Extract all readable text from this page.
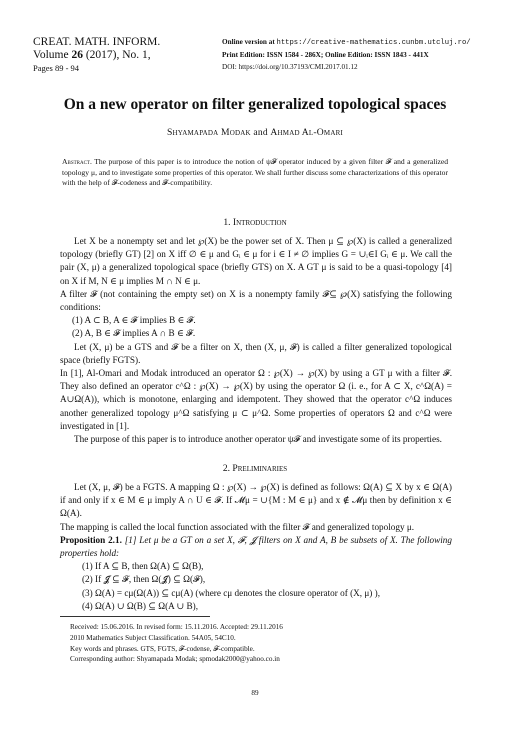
CREAT. MATH. INFORM.
Volume 26 (2017), No. 1,
Pages 89 - 94
Online version at https://creative-mathematics.cunbm.utcluj.ro/
Print Edition: ISSN 1584 - 286X; Online Edition: ISSN 1843 - 441X
DOI: https://doi.org/10.37193/CMI.2017.01.12
On a new operator on filter generalized topological spaces
Shyamapada Modak and Ahmad Al-Omari
Abstract. The purpose of this paper is to introduce the notion of ψ𝓕 operator induced by a given filter 𝓕 and a generalized topology μ, and to investigate some properties of this operator. We shall further discuss some characterizations of this operator with the help of 𝓕-codeness and 𝓕-compatibility.
1. Introduction

Let X be a nonempty set and let ℘(X) be the power set of X. Then μ ⊆ ℘(X) is called a generalized topology (briefly GT) [2] on X iff ∅ ∈ μ and Gᵢ ∈ μ for i ∈ I ≠ ∅ implies G = ∪ᵢ∈I Gᵢ ∈ μ. We call the pair (X, μ) a generalized topological space (briefly GTS) on X. A GT μ is said to be a quasi-topology [4] on X if M, N ∈ μ implies M ∩ N ∈ μ.

A filter 𝓕 (not containing the empty set) on X is a nonempty family 𝓕⊆ ℘(X) satisfying the following conditions:

(1) A ⊂ B, A ∈ 𝓕 implies B ∈ 𝓕.

(2) A, B ∈ 𝓕 implies A ∩ B ∈ 𝓕.

Let (X, μ) be a GTS and 𝓕 be a filter on X, then (X, μ, 𝓕) is called a filter generalized topological space (briefly FGTS).

In [1], Al-Omari and Modak introduced an operator Ω : ℘(X) → ℘(X) by using a GT μ with a filter 𝓕. They also defined an operator c^Ω : ℘(X) → ℘(X) by using the operator Ω (i. e., for A ⊂ X, c^Ω(A) = A∪Ω(A)), which is monotone, enlarging and idempotent. They showed that the operator c^Ω induces another generalized topology μ^Ω satisfying μ ⊂ μ^Ω. Some properties of operators Ω and c^Ω were investigated in [1].

The purpose of this paper is to introduce another operator ψ𝓕 and investigate some of its properties.

2. Preliminaries

Let (X, μ, 𝓕) be a FGTS. A mapping Ω : ℘(X) → ℘(X) is defined as follows: Ω(A) ⊆ X by x ∈ Ω(A) if and only if x ∈ M ∈ μ imply A ∩ U ∈ 𝓕. If 𝓜μ = ∪{M : M ∈ μ} and x ∉ 𝓜μ then by definition x ∈ Ω(A).

The mapping is called the local function associated with the filter 𝓕 and generalized topology μ.

Proposition 2.1. [1] Let μ be a GT on a set X, 𝓕, 𝓙 filters on X and A, B be subsets of X. The following properties hold:

(1) If A ⊆ B, then Ω(A) ⊆ Ω(B),

(2) If 𝓙 ⊆ 𝓕, then Ω(𝓙) ⊆ Ω(𝓕),

(3) Ω(A) = cμ(Ω(A)) ⊆ cμ(A) (where cμ denotes the closure operator of (X, μ) ),

(4) Ω(A) ∪ Ω(B) ⊆ Ω(A ∪ B),

Received: 15.06.2016. In revised form: 15.11.2016. Accepted: 29.11.2016
2010 Mathematics Subject Classification. 54A05, 54C10.
Key words and phrases. GTS, FGTS, 𝓕-codense, 𝓕-compatible.
Corresponding author: Shyamapada Modak; spmodak2000@yahoo.co.in
89
